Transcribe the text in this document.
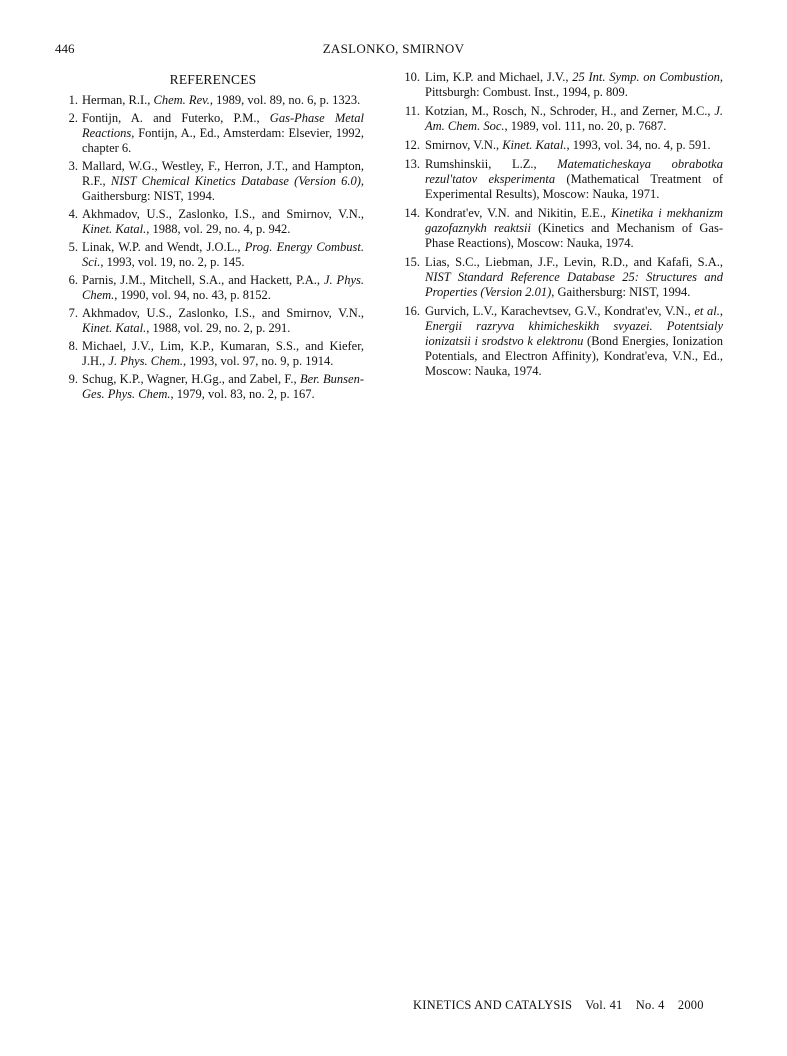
446	ZASLONKO, SMIRNOV
REFERENCES
1. Herman, R.I., Chem. Rev., 1989, vol. 89, no. 6, p. 1323.
2. Fontijn, A. and Futerko, P.M., Gas-Phase Metal Reactions, Fontijn, A., Ed., Amsterdam: Elsevier, 1992, chapter 6.
3. Mallard, W.G., Westley, F., Herron, J.T., and Hampton, R.F., NIST Chemical Kinetics Database (Version 6.0), Gaithersburg: NIST, 1994.
4. Akhmadov, U.S., Zaslonko, I.S., and Smirnov, V.N., Kinet. Katal., 1988, vol. 29, no. 4, p. 942.
5. Linak, W.P. and Wendt, J.O.L., Prog. Energy Combust. Sci., 1993, vol. 19, no. 2, p. 145.
6. Parnis, J.M., Mitchell, S.A., and Hackett, P.A., J. Phys. Chem., 1990, vol. 94, no. 43, p. 8152.
7. Akhmadov, U.S., Zaslonko, I.S., and Smirnov, V.N., Kinet. Katal., 1988, vol. 29, no. 2, p. 291.
8. Michael, J.V., Lim, K.P., Kumaran, S.S., and Kiefer, J.H., J. Phys. Chem., 1993, vol. 97, no. 9, p. 1914.
9. Schug, K.P., Wagner, H.Gg., and Zabel, F., Ber. Bunsen-Ges. Phys. Chem., 1979, vol. 83, no. 2, p. 167.
10. Lim, K.P. and Michael, J.V., 25 Int. Symp. on Combustion, Pittsburgh: Combust. Inst., 1994, p. 809.
11. Kotzian, M., Rosch, N., Schroder, H., and Zerner, M.C., J. Am. Chem. Soc., 1989, vol. 111, no. 20, p. 7687.
12. Smirnov, V.N., Kinet. Katal., 1993, vol. 34, no. 4, p. 591.
13. Rumshinskii, L.Z., Matematicheskaya obrabotka rezul'tatov eksperimenta (Mathematical Treatment of Experimental Results), Moscow: Nauka, 1971.
14. Kondrat'ev, V.N. and Nikitin, E.E., Kinetika i mekhanizm gazofaznykh reaktsii (Kinetics and Mechanism of Gas-Phase Reactions), Moscow: Nauka, 1974.
15. Lias, S.C., Liebman, J.F., Levin, R.D., and Kafafi, S.A., NIST Standard Reference Database 25: Structures and Properties (Version 2.01), Gaithersburg: NIST, 1994.
16. Gurvich, L.V., Karachevtsev, G.V., Kondrat'ev, V.N., et al., Energii razryva khimicheskikh svyazei. Potentsialy ionizatsii i srodstvo k elektronu (Bond Energies, Ionization Potentials, and Electron Affinity), Kondrat'eva, V.N., Ed., Moscow: Nauka, 1974.
KINETICS AND CATALYSIS Vol. 41 No. 4 2000
